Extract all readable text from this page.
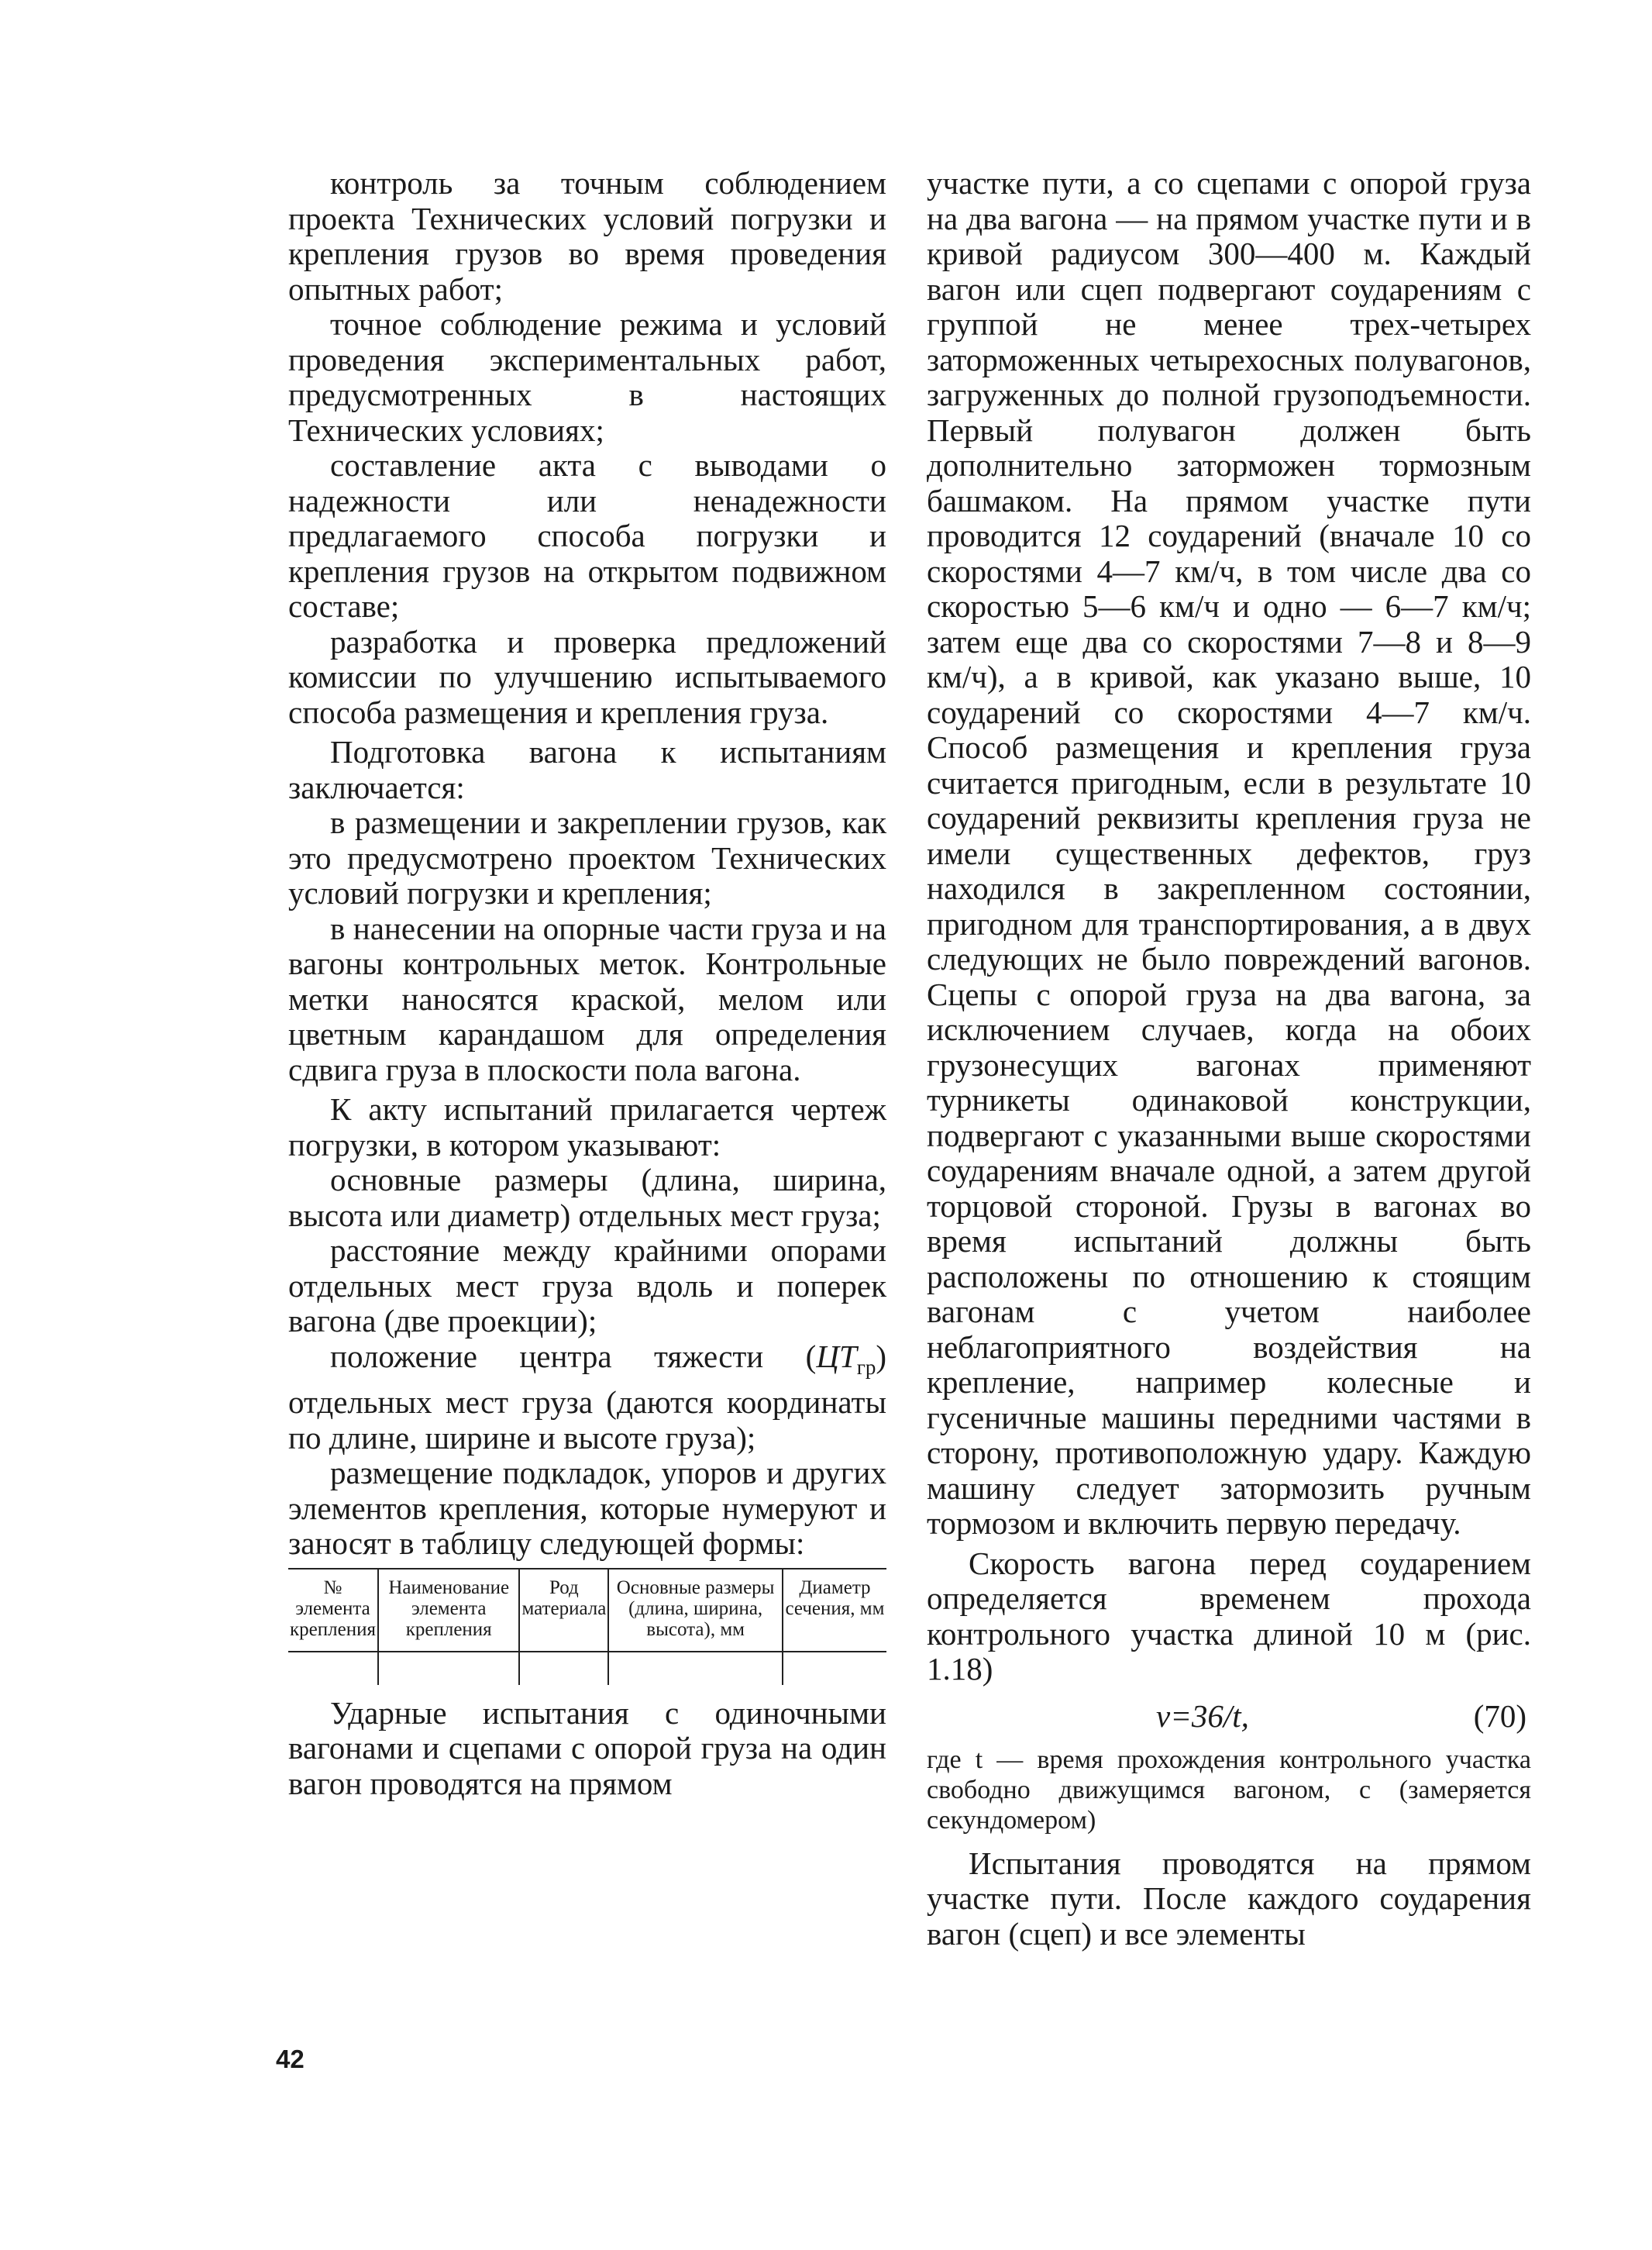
контроль за точным соблюдением проекта Технических условий погрузки и крепления грузов во время проведения опытных работ;

точное соблюдение режима и условий проведения экспериментальных работ, предусмотренных в настоящих Технических условиях;

составление акта с выводами о надежности или ненадежности предлагаемого способа погрузки и крепления грузов на открытом подвижном составе;

разработка и проверка предложений комиссии по улучшению испытываемого способа размещения и крепления груза.

Подготовка вагона к испытаниям заключается:

в размещении и закреплении грузов, как это предусмотрено проектом Технических условий погрузки и крепления;

в нанесении на опорные части груза и на вагоны контрольных меток. Контрольные метки наносятся краской, мелом или цветным карандашом для определения сдвига груза в плоскости пола вагона.

К акту испытаний прилагается чертеж погрузки, в котором указывают:

основные размеры (длина, ширина, высота или диаметр) отдельных мест груза;

расстояние между крайними опорами отдельных мест груза вдоль и поперек вагона (две проекции);

положение центра тяжести $(ЦТ_{гр})$ отдельных мест груза (даются координаты по длине, ширине и высоте груза);

размещение подкладок, упоров и других элементов крепления, которые нумеруют и заносят в таблицу следующей формы:

№ элемента крепления	Наименование элемента крепления	Род материала	Основные размеры (длина, ширина, высота), мм	Диаметр сечения, мм

Ударные испытания с одиночными вагонами и сцепами с опорой груза на один вагон проводятся на прямом

участке пути, а со сцепами с опорой груза на два вагона — на прямом участке пути и в кривой радиусом 300—400 м. Каждый вагон или сцеп подвергают соударениям с группой не менее трех-четырех заторможенных четырехосных полувагонов, загруженных до полной грузоподъемности. Первый полувагон должен быть дополнительно заторможен тормозным башмаком. На прямом участке пути проводится 12 соударений (вначале 10 со скоростями 4—7 км/ч, в том числе два со скоростью 5—6 км/ч и одно — 6—7 км/ч; затем еще два со скоростями 7—8 и 8—9 км/ч), а в кривой, как указано выше, 10 соударений со скоростями 4—7 км/ч. Способ размещения и крепления груза считается пригодным, если в результате 10 соударений реквизиты крепления груза не имели существенных дефектов, груз находился в закрепленном состоянии, пригодном для транспортирования, а в двух следующих не было повреждений вагонов. Сцепы с опорой груза на два вагона, за исключением случаев, когда на обоих грузонесущих вагонах применяют турникеты одинаковой конструкции, подвергают с указанными выше скоростями соударениям вначале одной, а затем другой торцовой стороной. Грузы в вагонах во время испытаний должны быть расположены по отношению к стоящим вагонам с учетом наиболее неблагоприятного воздействия на крепление, например колесные и гусеничные машины передними частями в сторону, противоположную удару. Каждую машину следует затормозить ручным тормозом и включить первую передачу.

Скорость вагона перед соударением определяется временем прохода контрольного участка длиной 10 м (рис. 1.18)

v=36/t,	(70)

где t — время прохождения контрольного участка свободно движущимся вагоном, с (замеряется секундомером)

Испытания проводятся на прямом участке пути. После каждого соударения вагон (сцеп) и все элементы

42
